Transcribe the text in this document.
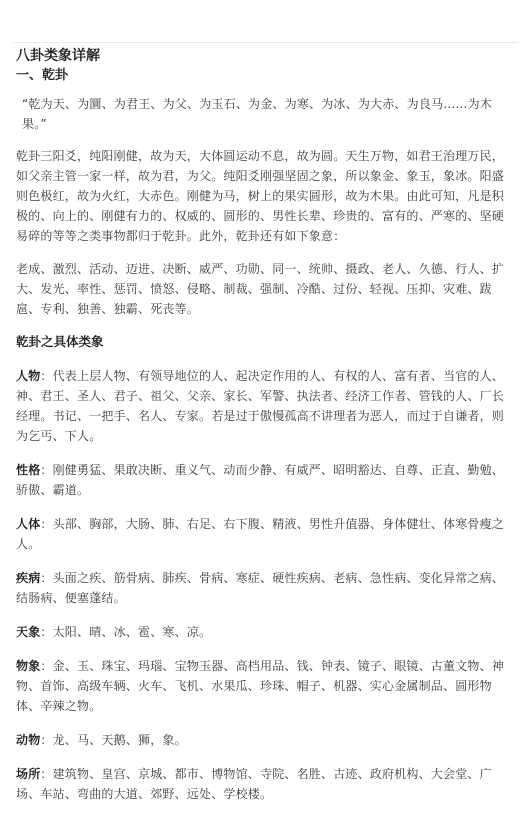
八卦类象详解
一、乾卦

“乾为天、为圜、为君王、为父、为玉石、为金、为寒、为冰、为大赤、为良马……为木果。”

乾卦三阳爻，纯阳刚健，故为天，大体圆运动不息，故为圆。天生万物，如君王治理万民，如父亲主管一家一样，故为君，为父。纯阳爻刚强坚固之象，所以象金、象玉，象冰。阳盛则色极红，故为火红，大赤色。刚健为马，树上的果实圆形，故为木果。由此可知，凡是积极的、向上的、刚健有力的、权威的、圆形的、男性长辈、珍贵的、富有的、严寒的、坚硬易碎的等等之类事物都归于乾卦。此外，乾卦还有如下象意：

老成、激烈、活动、迈进、决断、威严、功勋、同一、统帅、摄政、老人、久德、行人、扩大、发光、率性、惩罚、愤怒、侵略、制裁、强制、冷酷、过份、轻视、压抑、灾难、跋扈、专利、独善、独霸、死丧等。

乾卦之具体类象

人物：代表上层人物、有领导地位的人、起决定作用的人、有权的人、富有者、当官的人、神、君王、圣人、君子、祖父、父亲、家长、军警、执法者、经济工作者、管钱的人、厂长经理。书记、一把手、名人、专家。若是过于傲慢孤高不讲理者为恶人，而过于自谦者，则为乞丐、下人。

性格：刚健勇猛、果敢决断、重义气、动而少静、有威严、昭明豁达、自尊、正直、勤勉、骄傲、霸道。

人体：头部、胸部，大肠、肺、右足、右下腹、精液、男性升值器、身体健壮、体寒骨瘦之人。

疾病：头面之疾、筋骨病、肺疾、骨病、寒症、硬性疾病、老病、急性病、变化异常之病、结肠病、便塞蓬结。

天象：太阳、晴、冰、雹、寒、凉。

物象：金、玉、珠宝、玛瑙、宝物玉器、高档用品、钱、钟表、镜子、眼镜、古董文物、神物、首饰、高级车辆、火车、飞机、水果瓜、珍珠、帽子、机器、实心金属制品、圆形物体、辛辣之物。

动物：龙、马、天鹅、狮，象。

场所：建筑物、皇宫、京城、都市、博物馆、寺院、名胜、古迹、政府机构、大会堂、广场、车站、弯曲的大道、郊野、远处、学校楼。
